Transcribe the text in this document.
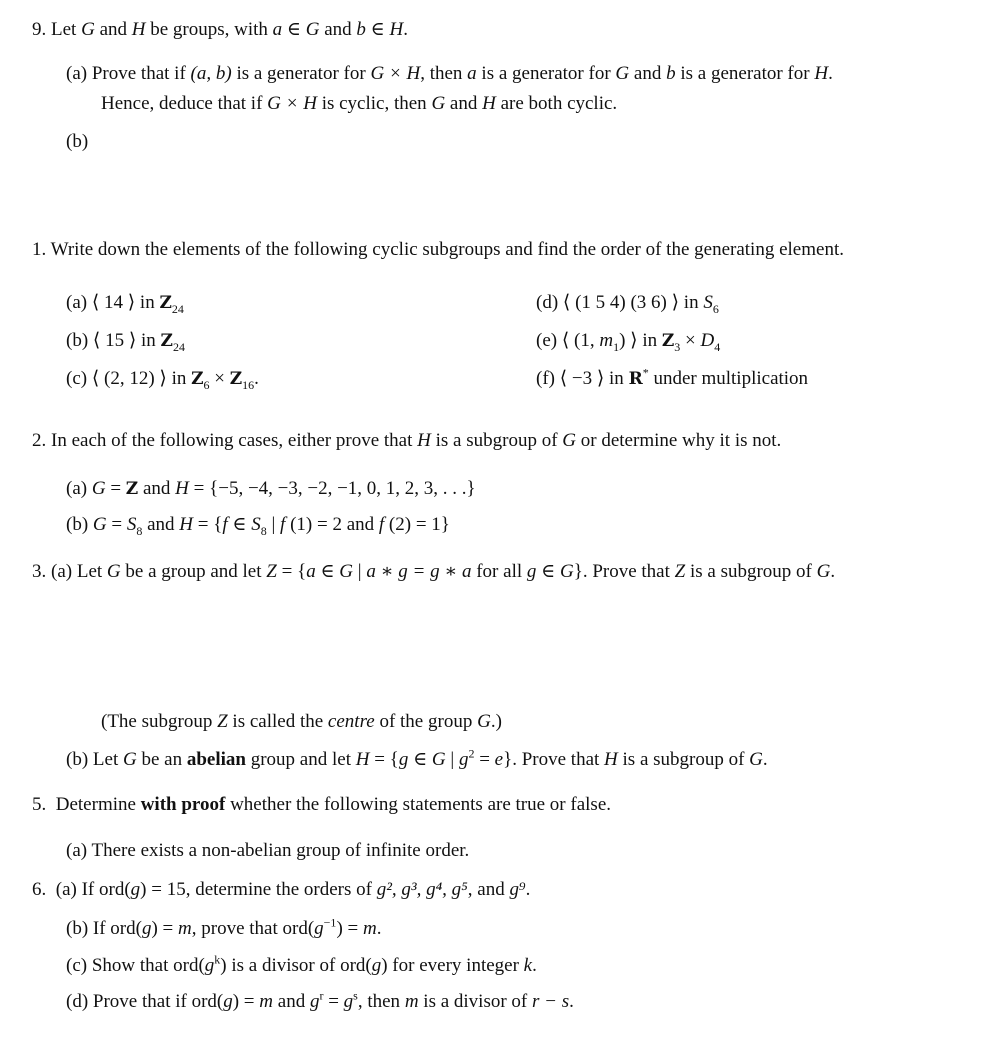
9. Let G and H be groups, with a ∈ G and b ∈ H.
(a) Prove that if (a, b) is a generator for G × H, then a is a generator for G and b is a generator for H.
Hence, deduce that if G × H is cyclic, then G and H are both cyclic.
(b)
1. Write down the elements of the following cyclic subgroups and find the order of the generating element.
(a) ⟨ 14 ⟩ in $Z_{24}$
(b) ⟨ 15 ⟩ in $Z_{24}$
(c) ⟨ (2, 12) ⟩ in $Z_6 \times Z_{16}$.
(d) ⟨ (1 5 4) (3 6) ⟩ in $S_6$
(e) ⟨ (1, $m_1$) ⟩ in $Z_3 \times D_4$
(f) ⟨ −3 ⟩ in R* under multiplication
2. In each of the following cases, either prove that H is a subgroup of G or determine why it is not.
(a) G = Z and H = {−5, −4, −3, −2, −1, 0, 1, 2, 3, . . .}
(b) $G = S_8$ and H = {f ∈ $S_8$ | f (1) = 2 and f (2) = 1}
3. (a) Let G be a group and let Z = {a ∈ G | a ∗ g = g ∗ a for all g ∈ G}. Prove that Z is a subgroup of G.
(The subgroup Z is called the centre of the group G.)
(b) Let G be an abelian group and let H = {g ∈ G | $g^2 = e$}. Prove that H is a subgroup of G.
5. Determine with proof whether the following statements are true or false.
(a) There exists a non-abelian group of infinite order.
6. (a) If ord(g) = 15, determine the orders of g², g³, g⁴, g⁵, and g⁹.
(b) If ord(g) = m, prove that $ord(g^{-1}) = m$.
(c) Show that $ord(g^k)$ is a divisor of ord(g) for every integer k.
(d) Prove that if ord(g) = m and $g^r = g^s$, then m is a divisor of r − s.
